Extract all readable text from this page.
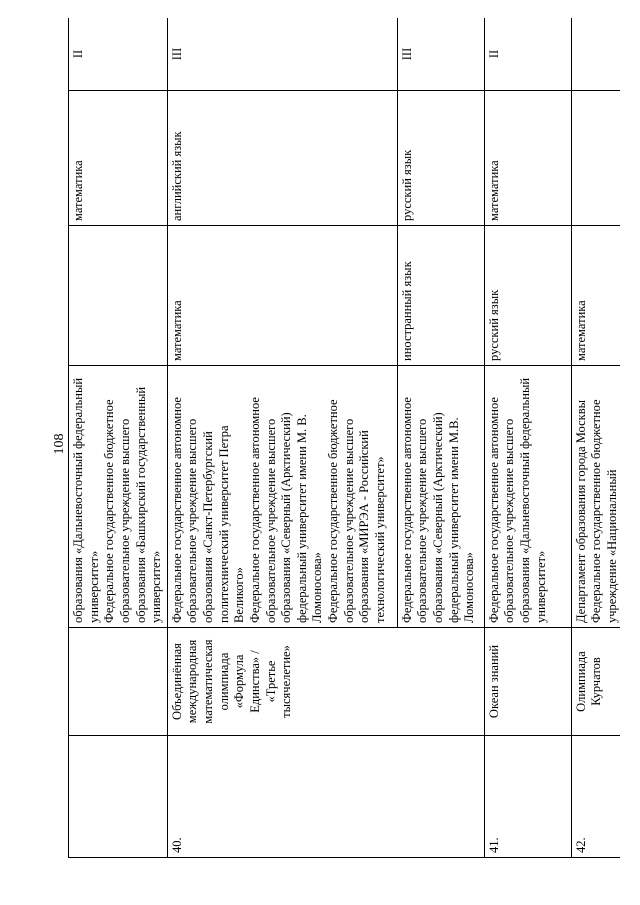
108

		образования «Дальневосточный федеральный университет» Федеральное государственное бюджетное образовательное учреждение высшего образования «Башкирский государственный университет»		математика	II
40.	Объединённая международная математическая олимпиада «Формула Единства» / «Третье тысячелетие»	Федеральное государственное автономное образовательное учреждение высшего образования «Санкт-Петербургский политехнический университет Петра Великого» Федеральное государственное автономное образовательное учреждение высшего образования «Северный (Арктический) федеральный университет имени М. В. Ломоносова» Федеральное государственное бюджетное образовательное учреждение высшего образования «МИРЭА - Российский технологический университет»	математика	английский язык	III

		Федеральное государственное автономное образовательное учреждение высшего образования «Северный (Арктический) федеральный университет имени М.В. Ломоносова»	иностранный язык	русский язык	III
41.	Океан знаний	Федеральное государственное автономное образовательное учреждение высшего образования «Дальневосточный федеральный университет»	русский язык	математика	II
42.	Олимпиада Курчатов	Департамент образования города Москвы Федеральное государственное бюджетное учреждение «Национальный	математика		
